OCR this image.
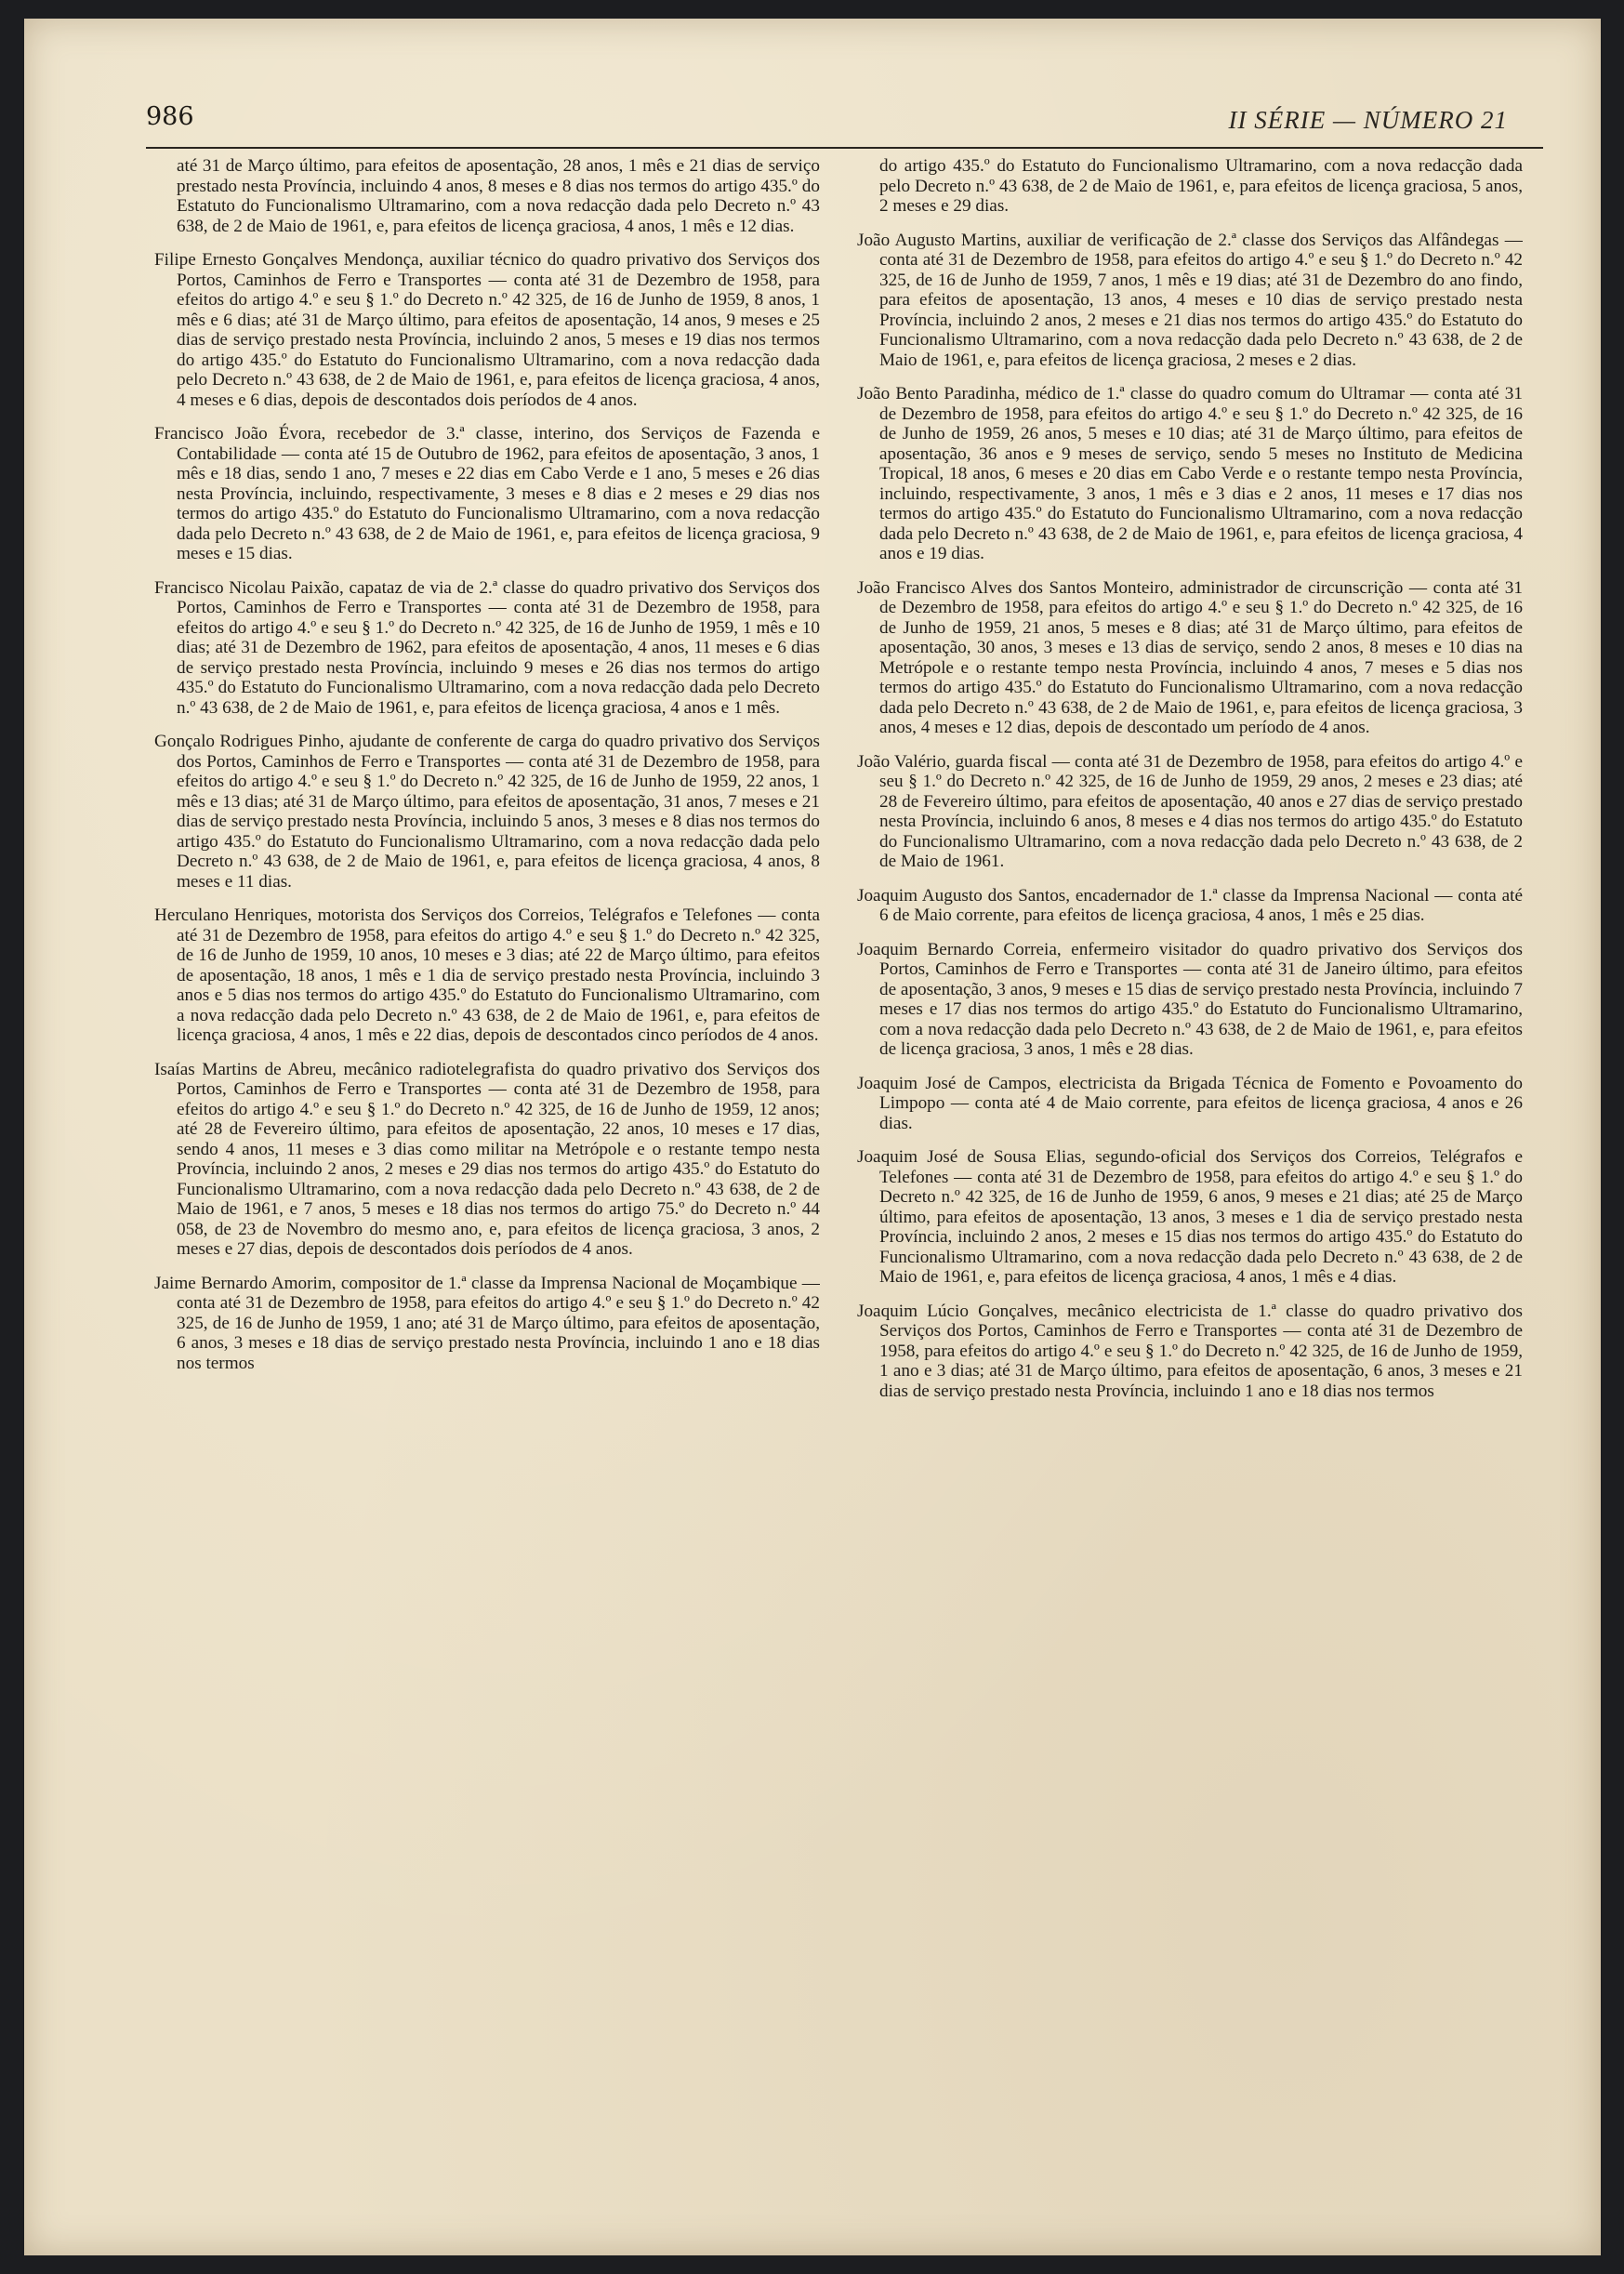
986	II SÉRIE — NÚMERO 21

até 31 de Março último, para efeitos de aposentação, 28 anos, 1 mês e 21 dias de serviço prestado nesta Província, incluindo 4 anos, 8 meses e 8 dias nos termos do artigo 435.º do Estatuto do Funcionalismo Ultramarino, com a nova redacção dada pelo Decreto n.º 43 638, de 2 de Maio de 1961, e, para efeitos de licença graciosa, 4 anos, 1 mês e 12 dias.

Filipe Ernesto Gonçalves Mendonça, auxiliar técnico do quadro privativo dos Serviços dos Portos, Caminhos de Ferro e Transportes — conta até 31 de Dezembro de 1958, para efeitos do artigo 4.º e seu § 1.º do Decreto n.º 42 325, de 16 de Junho de 1959, 8 anos, 1 mês e 6 dias; até 31 de Março último, para efeitos de aposentação, 14 anos, 9 meses e 25 dias de serviço prestado nesta Província, incluindo 2 anos, 5 meses e 19 dias nos termos do artigo 435.º do Estatuto do Funcionalismo Ultramarino, com a nova redacção dada pelo Decreto n.º 43 638, de 2 de Maio de 1961, e, para efeitos de licença graciosa, 4 anos, 4 meses e 6 dias, depois de descontados dois períodos de 4 anos.

Francisco João Évora, recebedor de 3.ª classe, interino, dos Serviços de Fazenda e Contabilidade — conta até 15 de Outubro de 1962, para efeitos de aposentação, 3 anos, 1 mês e 18 dias, sendo 1 ano, 7 meses e 22 dias em Cabo Verde e 1 ano, 5 meses e 26 dias nesta Província, incluindo, respectivamente, 3 meses e 8 dias e 2 meses e 29 dias nos termos do artigo 435.º do Estatuto do Funcionalismo Ultramarino, com a nova redacção dada pelo Decreto n.º 43 638, de 2 de Maio de 1961, e, para efeitos de licença graciosa, 9 meses e 15 dias.

Francisco Nicolau Paixão, capataz de via de 2.ª classe do quadro privativo dos Serviços dos Portos, Caminhos de Ferro e Transportes — conta até 31 de Dezembro de 1958, para efeitos do artigo 4.º e seu § 1.º do Decreto n.º 42 325, de 16 de Junho de 1959, 1 mês e 10 dias; até 31 de Dezembro de 1962, para efeitos de aposentação, 4 anos, 11 meses e 6 dias de serviço prestado nesta Província, incluindo 9 meses e 26 dias nos termos do artigo 435.º do Estatuto do Funcionalismo Ultramarino, com a nova redacção dada pelo Decreto n.º 43 638, de 2 de Maio de 1961, e, para efeitos de licença graciosa, 4 anos e 1 mês.

Gonçalo Rodrigues Pinho, ajudante de conferente de carga do quadro privativo dos Serviços dos Portos, Caminhos de Ferro e Transportes — conta até 31 de Dezembro de 1958, para efeitos do artigo 4.º e seu § 1.º do Decreto n.º 42 325, de 16 de Junho de 1959, 22 anos, 1 mês e 13 dias; até 31 de Março último, para efeitos de aposentação, 31 anos, 7 meses e 21 dias de serviço prestado nesta Província, incluindo 5 anos, 3 meses e 8 dias nos termos do artigo 435.º do Estatuto do Funcionalismo Ultramarino, com a nova redacção dada pelo Decreto n.º 43 638, de 2 de Maio de 1961, e, para efeitos de licença graciosa, 4 anos, 8 meses e 11 dias.

Herculano Henriques, motorista dos Serviços dos Correios, Telégrafos e Telefones — conta até 31 de Dezembro de 1958, para efeitos do artigo 4.º e seu § 1.º do Decreto n.º 42 325, de 16 de Junho de 1959, 10 anos, 10 meses e 3 dias; até 22 de Março último, para efeitos de aposentação, 18 anos, 1 mês e 1 dia de serviço prestado nesta Província, incluindo 3 anos e 5 dias nos termos do artigo 435.º do Estatuto do Funcionalismo Ultramarino, com a nova redacção dada pelo Decreto n.º 43 638, de 2 de Maio de 1961, e, para efeitos de licença graciosa, 4 anos, 1 mês e 22 dias, depois de descontados cinco períodos de 4 anos.

Isaías Martins de Abreu, mecânico radiotelegrafista do quadro privativo dos Serviços dos Portos, Caminhos de Ferro e Transportes — conta até 31 de Dezembro de 1958, para efeitos do artigo 4.º e seu § 1.º do Decreto n.º 42 325, de 16 de Junho de 1959, 12 anos; até 28 de Fevereiro último, para efeitos de aposentação, 22 anos, 10 meses e 17 dias, sendo 4 anos, 11 meses e 3 dias como militar na Metrópole e o restante tempo nesta Província, incluindo 2 anos, 2 meses e 29 dias nos termos do artigo 435.º do Estatuto do Funcionalismo Ultramarino, com a nova redacção dada pelo Decreto n.º 43 638, de 2 de Maio de 1961, e 7 anos, 5 meses e 18 dias nos termos do artigo 75.º do Decreto n.º 44 058, de 23 de Novembro do mesmo ano, e, para efeitos de licença graciosa, 3 anos, 2 meses e 27 dias, depois de descontados dois períodos de 4 anos.

Jaime Bernardo Amorim, compositor de 1.ª classe da Imprensa Nacional de Moçambique — conta até 31 de Dezembro de 1958, para efeitos do artigo 4.º e seu § 1.º do Decreto n.º 42 325, de 16 de Junho de 1959, 1 ano; até 31 de Março último, para efeitos de aposentação, 6 anos, 3 meses e 18 dias de serviço prestado nesta Província, incluindo 1 ano e 18 dias nos termos

do artigo 435.º do Estatuto do Funcionalismo Ultramarino, com a nova redacção dada pelo Decreto n.º 43 638, de 2 de Maio de 1961, e, para efeitos de licença graciosa, 5 anos, 2 meses e 29 dias.

João Augusto Martins, auxiliar de verificação de 2.ª classe dos Serviços das Alfândegas — conta até 31 de Dezembro de 1958, para efeitos do artigo 4.º e seu § 1.º do Decreto n.º 42 325, de 16 de Junho de 1959, 7 anos, 1 mês e 19 dias; até 31 de Dezembro do ano findo, para efeitos de aposentação, 13 anos, 4 meses e 10 dias de serviço prestado nesta Província, incluindo 2 anos, 2 meses e 21 dias nos termos do artigo 435.º do Estatuto do Funcionalismo Ultramarino, com a nova redacção dada pelo Decreto n.º 43 638, de 2 de Maio de 1961, e, para efeitos de licença graciosa, 2 meses e 2 dias.

João Bento Paradinha, médico de 1.ª classe do quadro comum do Ultramar — conta até 31 de Dezembro de 1958, para efeitos do artigo 4.º e seu § 1.º do Decreto n.º 42 325, de 16 de Junho de 1959, 26 anos, 5 meses e 10 dias; até 31 de Março último, para efeitos de aposentação, 36 anos e 9 meses de serviço, sendo 5 meses no Instituto de Medicina Tropical, 18 anos, 6 meses e 20 dias em Cabo Verde e o restante tempo nesta Província, incluindo, respectivamente, 3 anos, 1 mês e 3 dias e 2 anos, 11 meses e 17 dias nos termos do artigo 435.º do Estatuto do Funcionalismo Ultramarino, com a nova redacção dada pelo Decreto n.º 43 638, de 2 de Maio de 1961, e, para efeitos de licença graciosa, 4 anos e 19 dias.

João Francisco Alves dos Santos Monteiro, administrador de circunscrição — conta até 31 de Dezembro de 1958, para efeitos do artigo 4.º e seu § 1.º do Decreto n.º 42 325, de 16 de Junho de 1959, 21 anos, 5 meses e 8 dias; até 31 de Março último, para efeitos de aposentação, 30 anos, 3 meses e 13 dias de serviço, sendo 2 anos, 8 meses e 10 dias na Metrópole e o restante tempo nesta Província, incluindo 4 anos, 7 meses e 5 dias nos termos do artigo 435.º do Estatuto do Funcionalismo Ultramarino, com a nova redacção dada pelo Decreto n.º 43 638, de 2 de Maio de 1961, e, para efeitos de licença graciosa, 3 anos, 4 meses e 12 dias, depois de descontado um período de 4 anos.

João Valério, guarda fiscal — conta até 31 de Dezembro de 1958, para efeitos do artigo 4.º e seu § 1.º do Decreto n.º 42 325, de 16 de Junho de 1959, 29 anos, 2 meses e 23 dias; até 28 de Fevereiro último, para efeitos de aposentação, 40 anos e 27 dias de serviço prestado nesta Província, incluindo 6 anos, 8 meses e 4 dias nos termos do artigo 435.º do Estatuto do Funcionalismo Ultramarino, com a nova redacção dada pelo Decreto n.º 43 638, de 2 de Maio de 1961.

Joaquim Augusto dos Santos, encadernador de 1.ª classe da Imprensa Nacional — conta até 6 de Maio corrente, para efeitos de licença graciosa, 4 anos, 1 mês e 25 dias.

Joaquim Bernardo Correia, enfermeiro visitador do quadro privativo dos Serviços dos Portos, Caminhos de Ferro e Transportes — conta até 31 de Janeiro último, para efeitos de aposentação, 3 anos, 9 meses e 15 dias de serviço prestado nesta Província, incluindo 7 meses e 17 dias nos termos do artigo 435.º do Estatuto do Funcionalismo Ultramarino, com a nova redacção dada pelo Decreto n.º 43 638, de 2 de Maio de 1961, e, para efeitos de licença graciosa, 3 anos, 1 mês e 28 dias.

Joaquim José de Campos, electricista da Brigada Técnica de Fomento e Povoamento do Limpopo — conta até 4 de Maio corrente, para efeitos de licença graciosa, 4 anos e 26 dias.

Joaquim José de Sousa Elias, segundo-oficial dos Serviços dos Correios, Telégrafos e Telefones — conta até 31 de Dezembro de 1958, para efeitos do artigo 4.º e seu § 1.º do Decreto n.º 42 325, de 16 de Junho de 1959, 6 anos, 9 meses e 21 dias; até 25 de Março último, para efeitos de aposentação, 13 anos, 3 meses e 1 dia de serviço prestado nesta Província, incluindo 2 anos, 2 meses e 15 dias nos termos do artigo 435.º do Estatuto do Funcionalismo Ultramarino, com a nova redacção dada pelo Decreto n.º 43 638, de 2 de Maio de 1961, e, para efeitos de licença graciosa, 4 anos, 1 mês e 4 dias.

Joaquim Lúcio Gonçalves, mecânico electricista de 1.ª classe do quadro privativo dos Serviços dos Portos, Caminhos de Ferro e Transportes — conta até 31 de Dezembro de 1958, para efeitos do artigo 4.º e seu § 1.º do Decreto n.º 42 325, de 16 de Junho de 1959, 1 ano e 3 dias; até 31 de Março último, para efeitos de aposentação, 6 anos, 3 meses e 21 dias de serviço prestado nesta Província, incluindo 1 ano e 18 dias nos termos
